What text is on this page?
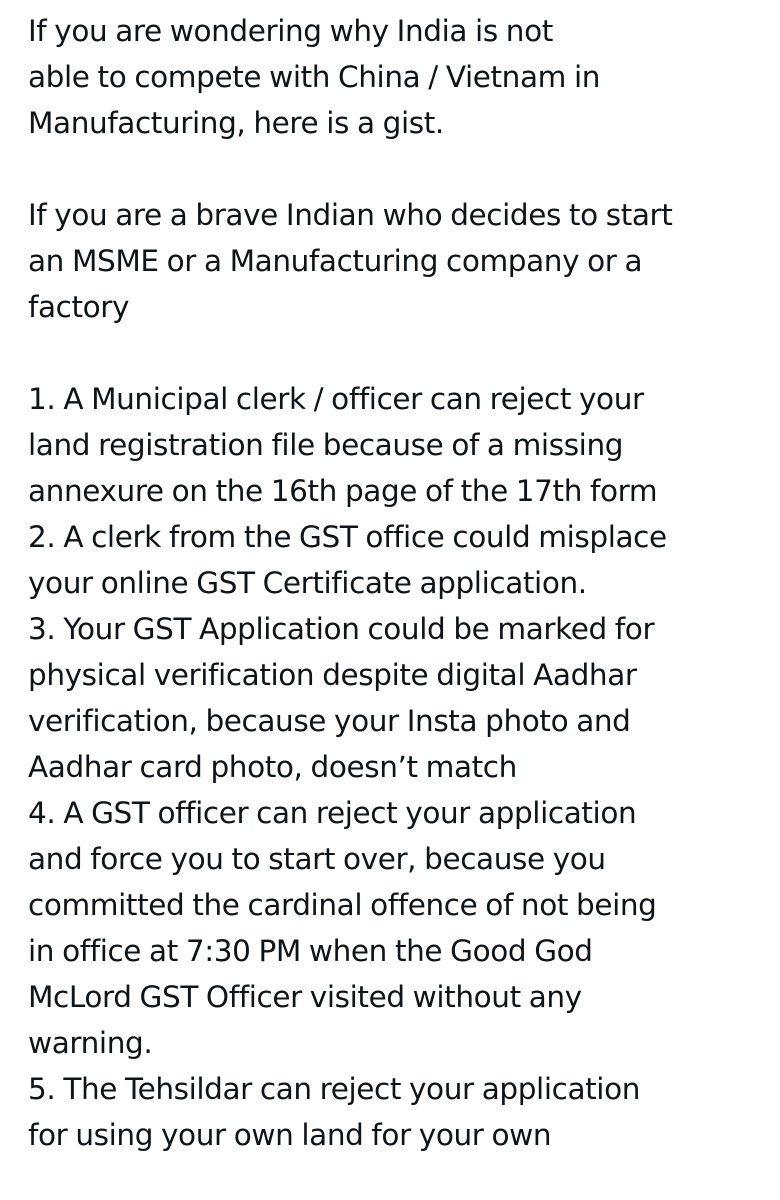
If you are wondering why India is not
able to compete with China / Vietnam in
Manufacturing, here is a gist.
If you are a brave Indian who decides to start
an MSME or a Manufacturing company or a
factory
1. A Municipal clerk / officer can reject your
land registration file because of a missing
annexure on the 16th page of the 17th form
2. A clerk from the GST office could misplace
your online GST Certificate application.
3. Your GST Application could be marked for
physical verification despite digital Aadhar
verification, because your Insta photo and
Aadhar card photo, doesn’t match
4. A GST officer can reject your application
and force you to start over, because you
committed the cardinal offence of not being
in office at 7:30 PM when the Good God
McLord GST Officer visited without any
warning.
5. The Tehsildar can reject your application
for using your own land for your own
